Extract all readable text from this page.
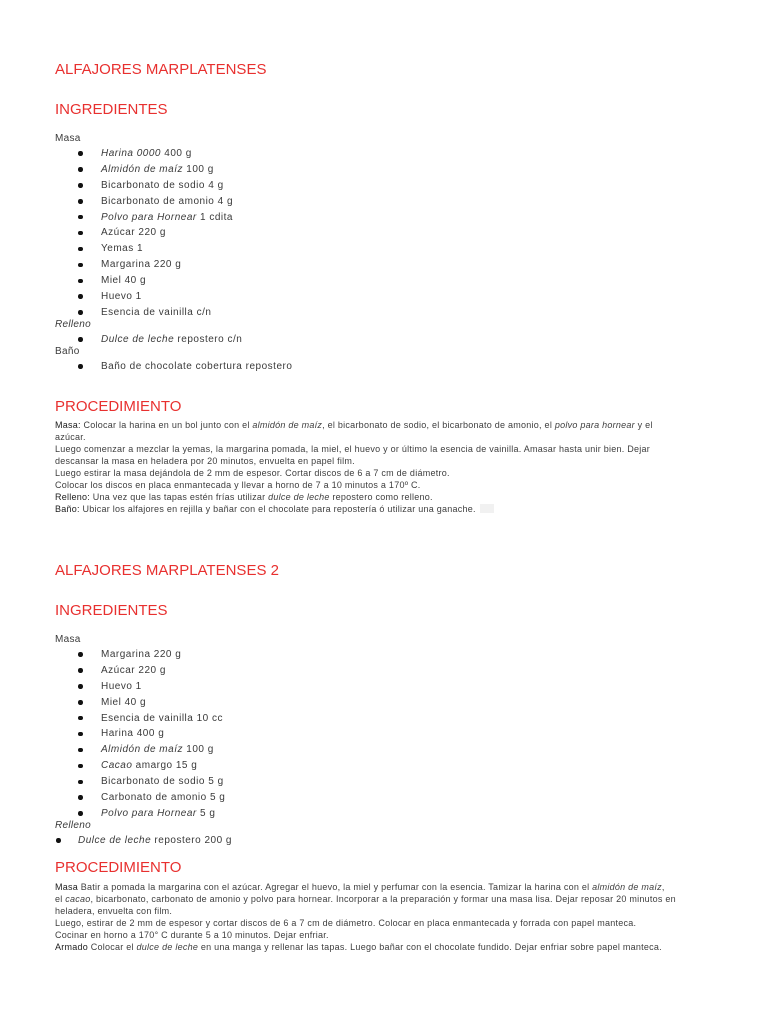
ALFAJORES MARPLATENSES
INGREDIENTES
Masa
Harina 0000 400 g
Almidón de maíz 100 g
Bicarbonato de sodio 4 g
Bicarbonato de amonio 4 g
Polvo para Hornear 1 cdita
Azúcar 220 g
Yemas 1
Margarina 220 g
Miel 40 g
Huevo 1
Esencia de vainilla c/n
Relleno
Dulce de leche repostero c/n
Baño
Baño de chocolate cobertura repostero
PROCEDIMIENTO
Masa: Colocar la harina en un bol junto con el almidón de maíz, el bicarbonato de sodio, el bicarbonato de amonio, el polvo para hornear y el
azúcar.
Luego comenzar a mezclar la yemas, la margarina pomada, la miel, el huevo y or último la esencia de vainilla. Amasar hasta unir bien. Dejar
descansar la masa en heladera por 20 minutos, envuelta en papel film.
Luego estirar la masa dejándola de 2 mm de espesor. Cortar discos de 6 a 7 cm de diámetro.
Colocar los discos en placa enmantecada y llevar a horno de 7 a 10 minutos a 170º C.
Relleno: Una vez que las tapas estén frías utilizar dulce de leche repostero como relleno.
Baño: Ubicar los alfajores en rejilla y bañar con el chocolate para repostería ó utilizar una ganache.
ALFAJORES MARPLATENSES 2
INGREDIENTES
Masa
Margarina 220 g
Azúcar 220 g
Huevo 1
Miel 40 g
Esencia de vainilla 10 cc
Harina 400 g
Almidón de maíz 100 g
Cacao amargo 15 g
Bicarbonato de sodio 5 g
Carbonato de amonio 5 g
Polvo para Hornear 5 g
Relleno
Dulce de leche repostero 200 g
PROCEDIMIENTO
Masa Batir a pomada la margarina con el azúcar. Agregar el huevo, la miel y perfumar con la esencia. Tamizar la harina con el almidón de maíz,
el cacao, bicarbonato, carbonato de amonio y polvo para hornear. Incorporar a la preparación y formar una masa lisa. Dejar reposar 20 minutos en
heladera, envuelta con film.
Luego, estirar de 2 mm de espesor y cortar discos de 6 a 7 cm de diámetro. Colocar en placa enmantecada y forrada con papel manteca.
Cocinar en horno a 170° C durante 5 a 10 minutos. Dejar enfriar.
Armado Colocar el dulce de leche en una manga y rellenar las tapas. Luego bañar con el chocolate fundido. Dejar enfriar sobre papel manteca.
